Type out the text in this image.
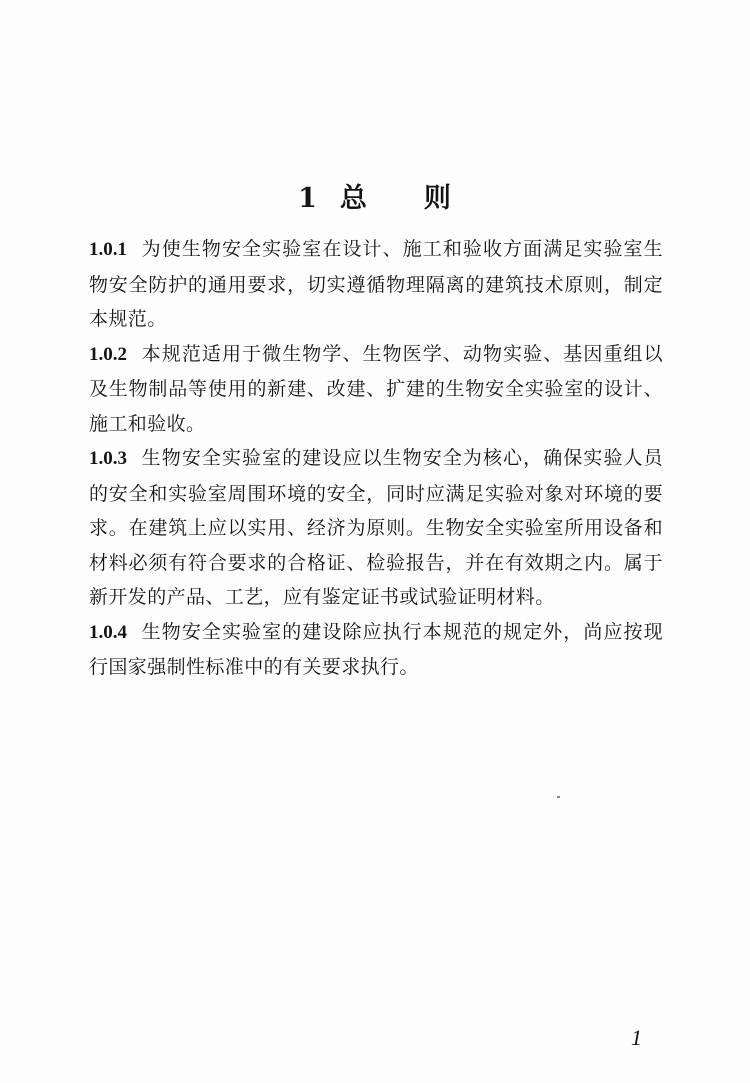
1 总 则

1.0.1 为使生物安全实验室在设计、施工和验收方面满足实验室生物安全防护的通用要求，切实遵循物理隔离的建筑技术原则，制定本规范。

1.0.2 本规范适用于微生物学、生物医学、动物实验、基因重组以及生物制品等使用的新建、改建、扩建的生物安全实验室的设计、施工和验收。

1.0.3 生物安全实验室的建设应以生物安全为核心，确保实验人员的安全和实验室周围环境的安全，同时应满足实验对象对环境的要求。在建筑上应以实用、经济为原则。生物安全实验室所用设备和材料必须有符合要求的合格证、检验报告，并在有效期之内。属于新开发的产品、工艺，应有鉴定证书或试验证明材料。

1.0.4 生物安全实验室的建设除应执行本规范的规定外，尚应按现行国家强制性标准中的有关要求执行。

1
